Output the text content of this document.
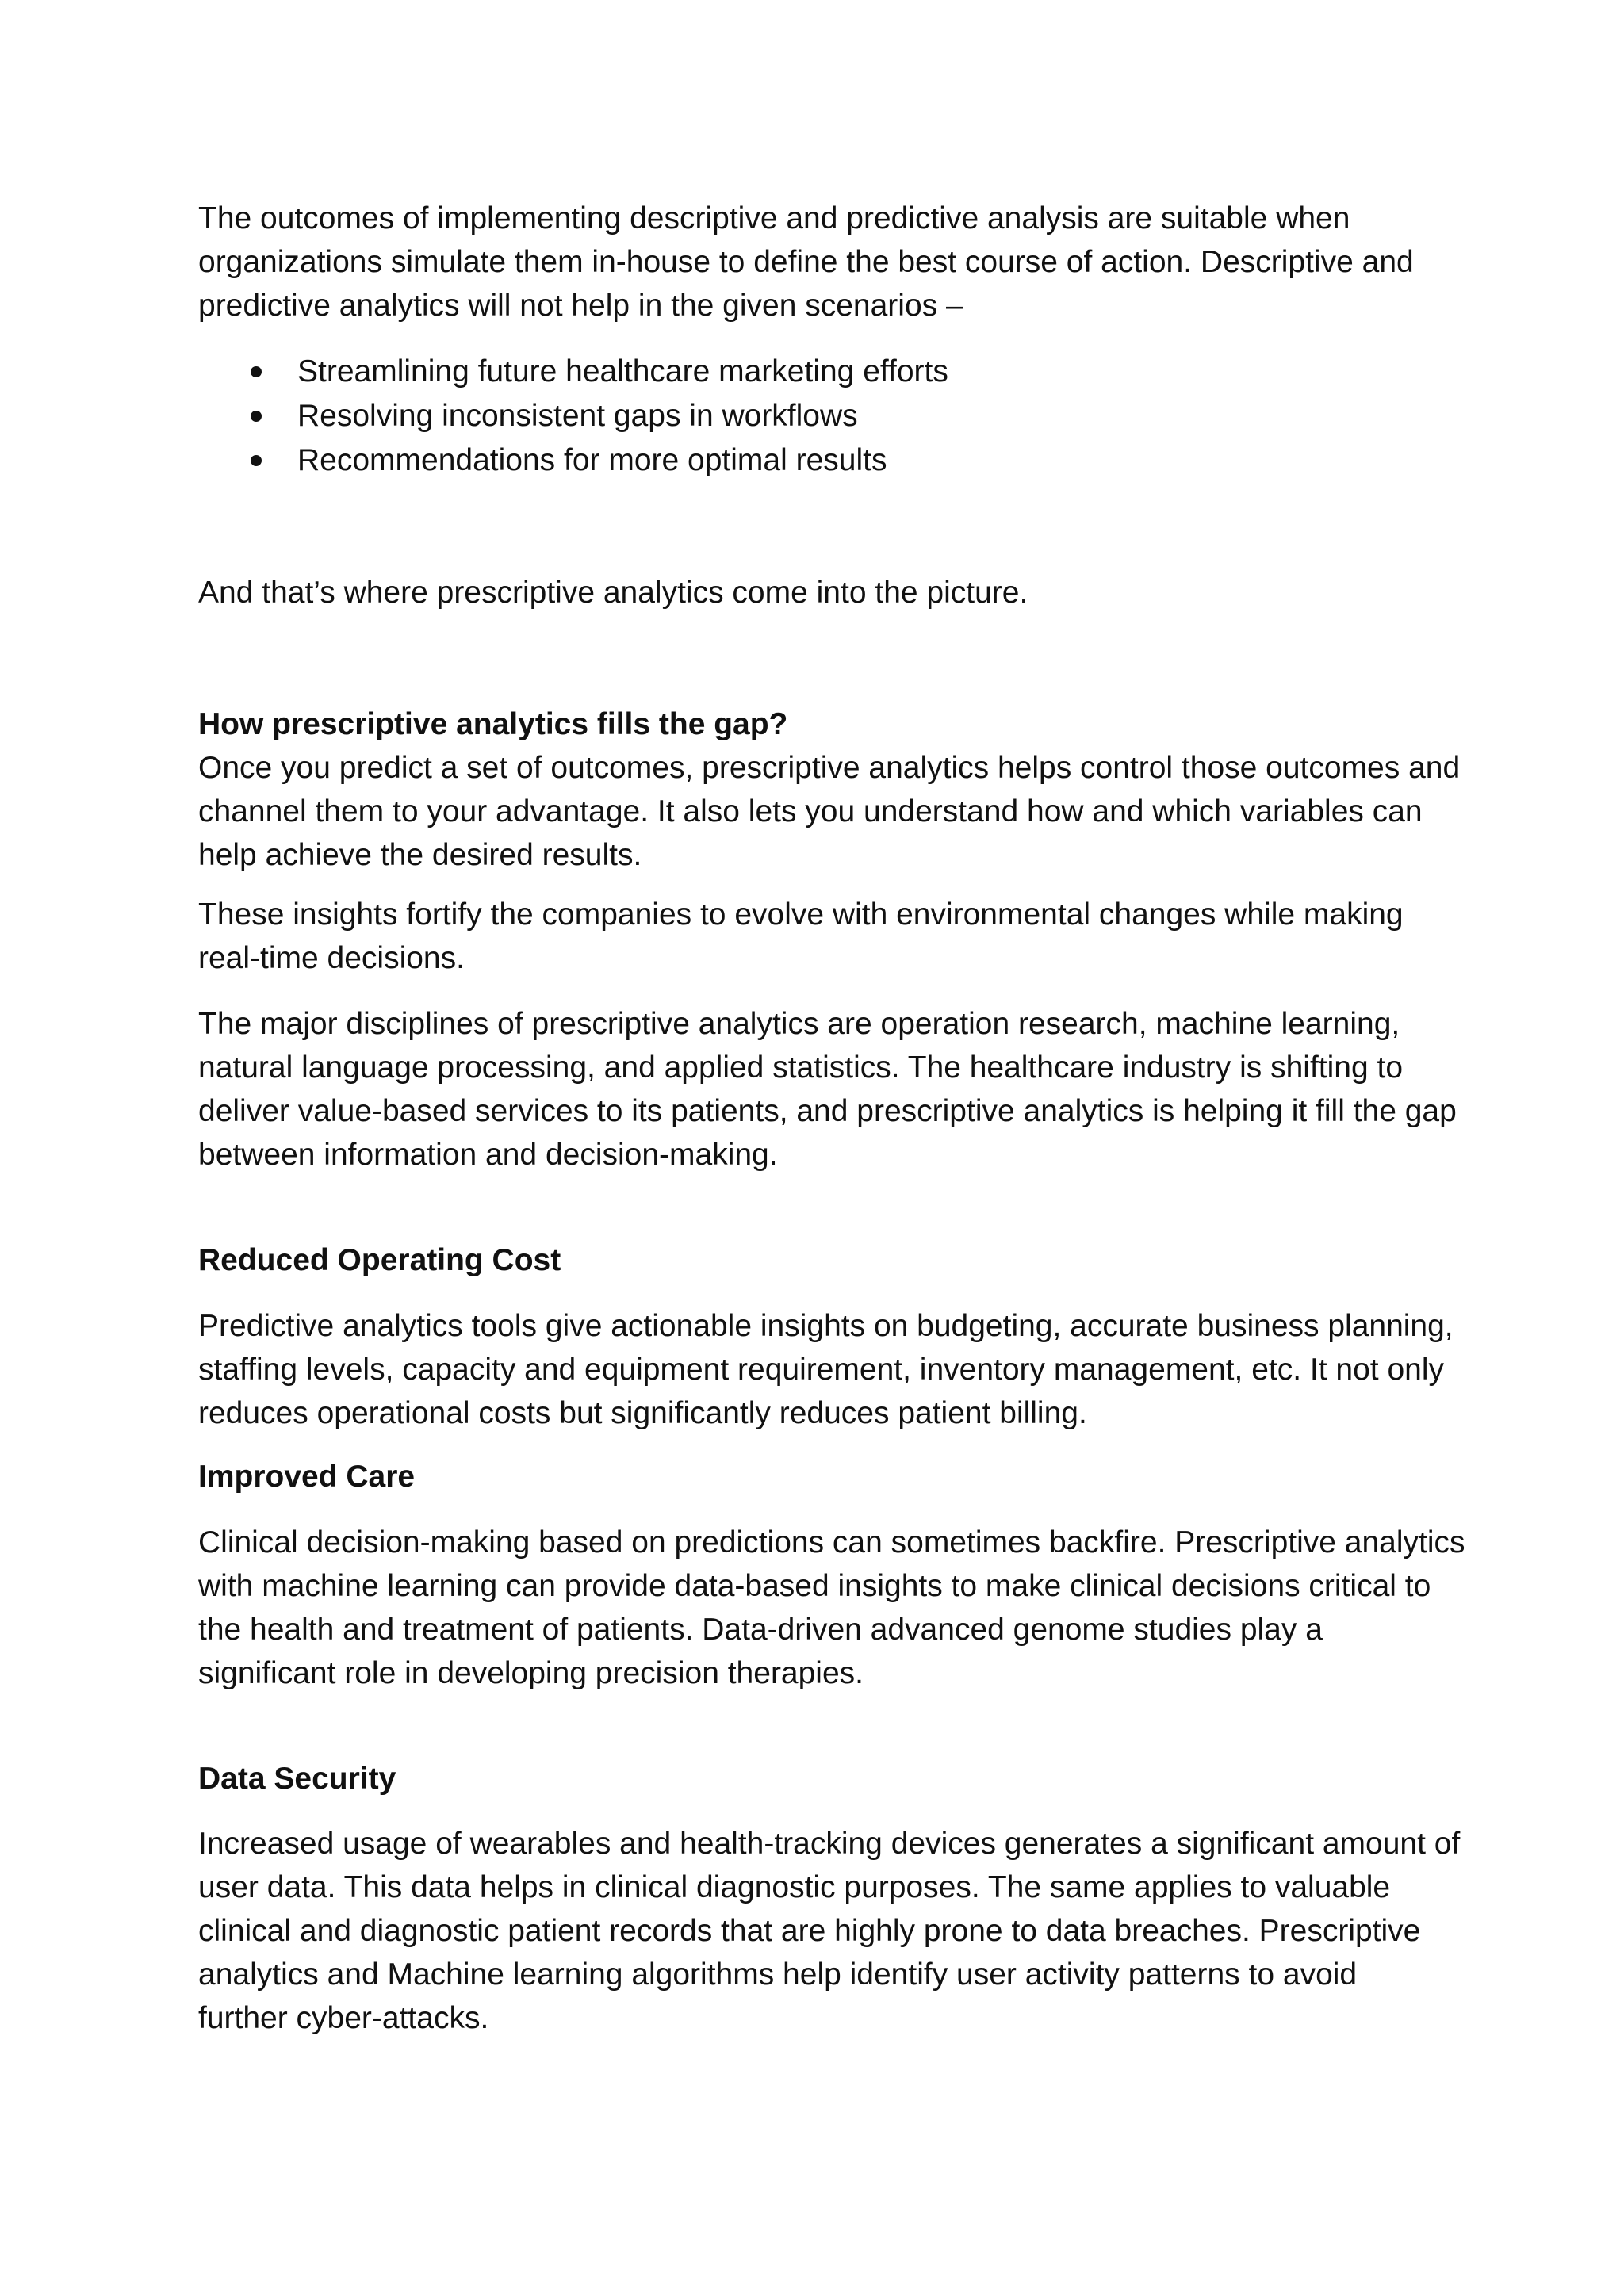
The outcomes of implementing descriptive and predictive analysis are suitable when
organizations simulate them in-house to define the best course of action. Descriptive and
predictive analytics will not help in the given scenarios –
Streamlining future healthcare marketing efforts
Resolving inconsistent gaps in workflows
Recommendations for more optimal results
And that’s where prescriptive analytics come into the picture.
How prescriptive analytics fills the gap?
Once you predict a set of outcomes, prescriptive analytics helps control those outcomes and
channel them to your advantage. It also lets you understand how and which variables can
help achieve the desired results.
These insights fortify the companies to evolve with environmental changes while making
real-time decisions.
The major disciplines of prescriptive analytics are operation research, machine learning,
natural language processing, and applied statistics. The healthcare industry is shifting to
deliver value-based services to its patients, and prescriptive analytics is helping it fill the gap
between information and decision-making.
Reduced Operating Cost
Predictive analytics tools give actionable insights on budgeting, accurate business planning,
staffing levels, capacity and equipment requirement, inventory management, etc. It not only
reduces operational costs but significantly reduces patient billing.
Improved Care
Clinical decision-making based on predictions can sometimes backfire. Prescriptive analytics
with machine learning can provide data-based insights to make clinical decisions critical to
the health and treatment of patients. Data-driven advanced genome studies play a
significant role in developing precision therapies.
Data Security
Increased usage of wearables and health-tracking devices generates a significant amount of
user data. This data helps in clinical diagnostic purposes. The same applies to valuable
clinical and diagnostic patient records that are highly prone to data breaches. Prescriptive
analytics and Machine learning algorithms help identify user activity patterns to avoid
further cyber-attacks.
